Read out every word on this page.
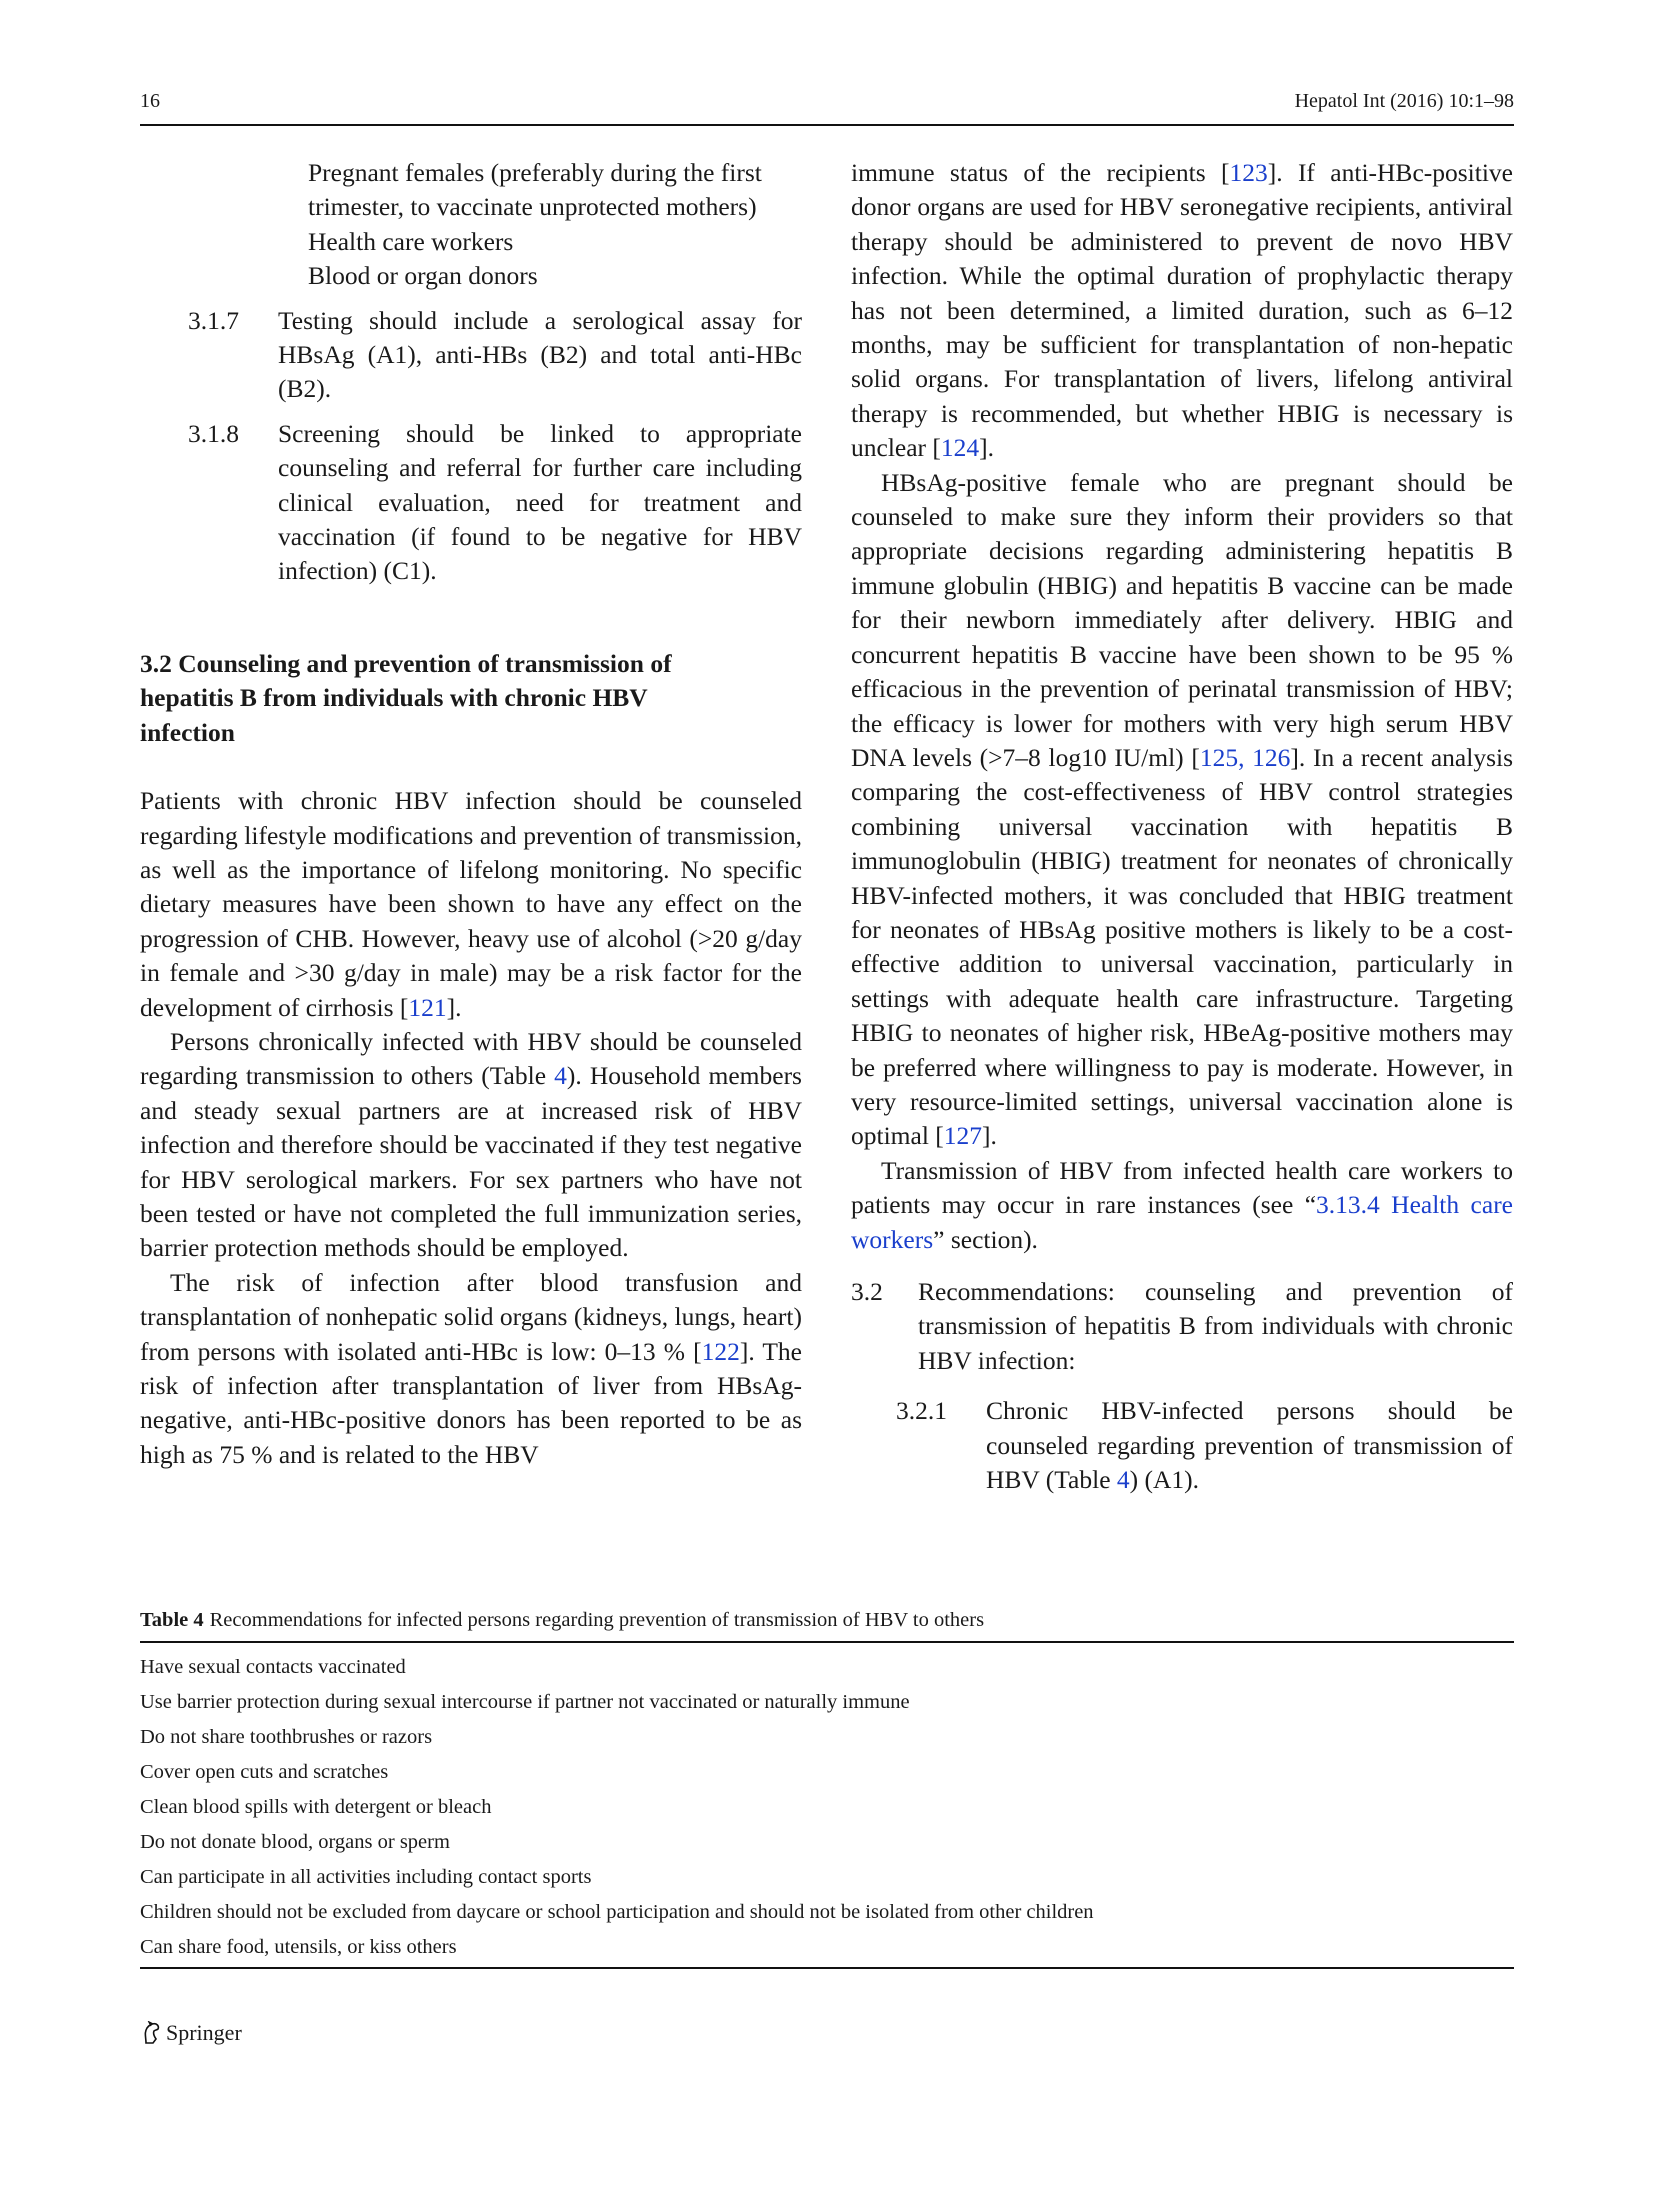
16	Hepatol Int (2016) 10:1–98

Pregnant females (preferably during the first

trimester, to vaccinate unprotected mothers)

Health care workers

Blood or organ donors

3.1.7	Testing should include a serological assay for HBsAg (A1), anti-HBs (B2) and total anti-HBc (B2).
3.1.8	Screening should be linked to appropriate counseling and referral for further care including clinical evaluation, need for treatment and vaccination (if found to be negative for HBV infection) (C1).
3.2 Counseling and prevention of transmission of hepatitis B from individuals with chronic HBV infection

Patients with chronic HBV infection should be counseled regarding lifestyle modifications and prevention of transmission, as well as the importance of lifelong monitoring. No specific dietary measures have been shown to have any effect on the progression of CHB. However, heavy use of alcohol (>20 g/day in female and >30 g/day in male) may be a risk factor for the development of cirrhosis [121].

Persons chronically infected with HBV should be counseled regarding transmission to others (Table 4). Household members and steady sexual partners are at increased risk of HBV infection and therefore should be vaccinated if they test negative for HBV serological markers. For sex partners who have not been tested or have not completed the full immunization series, barrier protection methods should be employed.

The risk of infection after blood transfusion and transplantation of nonhepatic solid organs (kidneys, lungs, heart) from persons with isolated anti-HBc is low: 0–13 % [122]. The risk of infection after transplantation of liver from HBsAg-negative, anti-HBc-positive donors has been reported to be as high as 75 % and is related to the HBV

immune status of the recipients [123]. If anti-HBc-positive donor organs are used for HBV seronegative recipients, antiviral therapy should be administered to prevent de novo HBV infection. While the optimal duration of prophylactic therapy has not been determined, a limited duration, such as 6–12 months, may be sufficient for transplantation of non-hepatic solid organs. For transplantation of livers, lifelong antiviral therapy is recommended, but whether HBIG is necessary is unclear [124].

HBsAg-positive female who are pregnant should be counseled to make sure they inform their providers so that appropriate decisions regarding administering hepatitis B immune globulin (HBIG) and hepatitis B vaccine can be made for their newborn immediately after delivery. HBIG and concurrent hepatitis B vaccine have been shown to be 95 % efficacious in the prevention of perinatal transmission of HBV; the efficacy is lower for mothers with very high serum HBV DNA levels (>7–8 log10 IU/ml) [125, 126]. In a recent analysis comparing the cost-effectiveness of HBV control strategies combining universal vaccination with hepatitis B immunoglobulin (HBIG) treatment for neonates of chronically HBV-infected mothers, it was concluded that HBIG treatment for neonates of HBsAg positive mothers is likely to be a cost-effective addition to universal vaccination, particularly in settings with adequate health care infrastructure. Targeting HBIG to neonates of higher risk, HBeAg-positive mothers may be preferred where willingness to pay is moderate. However, in very resource-limited settings, universal vaccination alone is optimal [127].

Transmission of HBV from infected health care workers to patients may occur in rare instances (see “3.13.4 Health care workers” section).

3.2	Recommendations: counseling and prevention of transmission of hepatitis B from individuals with chronic HBV infection:
3.2.1	Chronic HBV-infected persons should be counseled regarding prevention of transmission of HBV (Table 4) (A1).
Table 4 Recommendations for infected persons regarding prevention of transmission of HBV to others
Have sexual contacts vaccinated
Use barrier protection during sexual intercourse if partner not vaccinated or naturally immune
Do not share toothbrushes or razors
Cover open cuts and scratches
Clean blood spills with detergent or bleach
Do not donate blood, organs or sperm
Can participate in all activities including contact sports
Children should not be excluded from daycare or school participation and should not be isolated from other children
Can share food, utensils, or kiss others
Springer
